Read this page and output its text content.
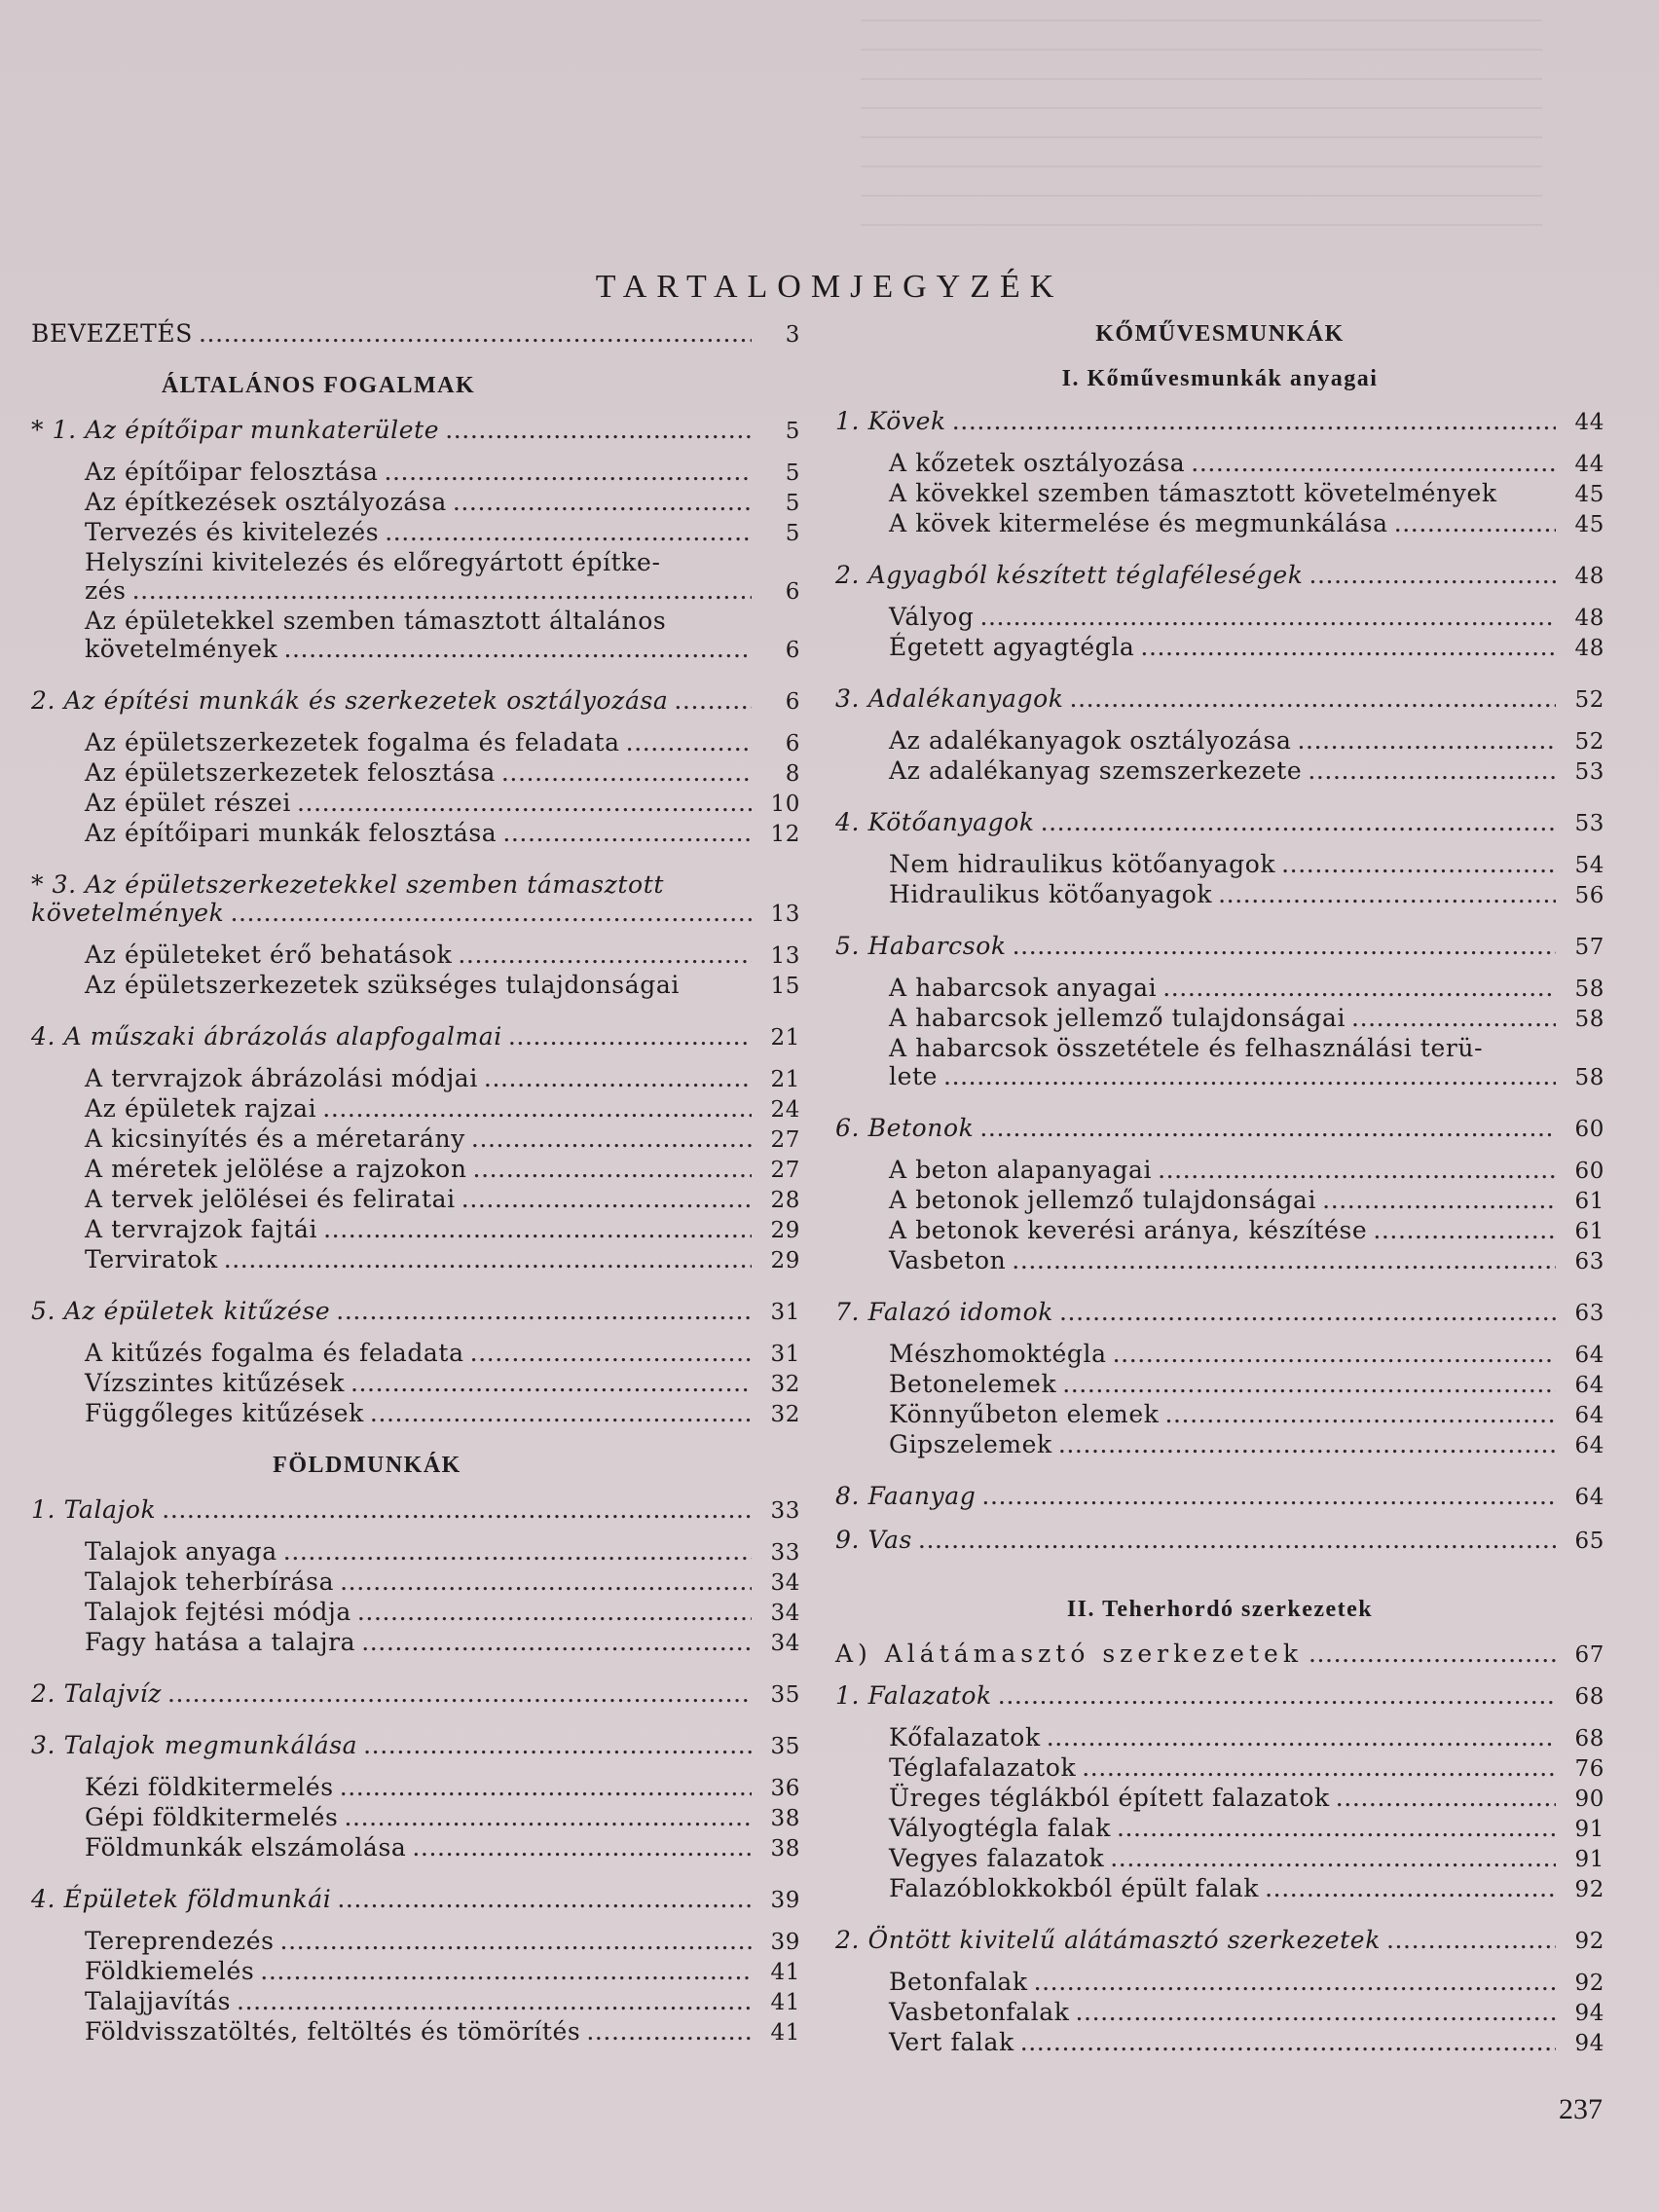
TARTALOMJEGYZÉK
BEVEZETÉS .....	3
ÁLTALÁNOS FOGALMAK
* 1. Az építőipar munkaterülete .....	5
Az építőipar felosztása .....	5
Az építkezések osztályozása .....	5
Tervezés és kivitelezés .....	5
Helyszíni kivitelezés és előregyártott építke-
zés .....	6
Az épületekkel szemben támasztott általános
követelmények .....	6
2. Az építési munkák és szerkezetek osztályozása .....	6
Az épületszerkezetek fogalma és feladata .....	6
Az épületszerkezetek felosztása .....	8
Az épület részei .....	10
Az építőipari munkák felosztása .....	12
* 3. Az épületszerkezetekkel szemben támasztott
követelmények .....	13
Az épületeket érő behatások .....	13
Az épületszerkezetek szükséges tulajdonságai	15
4. A műszaki ábrázolás alapfogalmai .....	21
A tervrajzok ábrázolási módjai .....	21
Az épületek rajzai .....	24
A kicsinyítés és a méretarány .....	27
A méretek jelölése a rajzokon .....	27
A tervek jelölései és feliratai .....	28
A tervrajzok fajtái .....	29
Terviratok .....	29
5. Az épületek kitűzése .....	31
A kitűzés fogalma és feladata .....	31
Vízszintes kitűzések .....	32
Függőleges kitűzések .....	32
FÖLDMUNKÁK
1. Talajok .....	33
Talajok anyaga .....	33
Talajok teherbírása .....	34
Talajok fejtési módja .....	34
Fagy hatása a talajra .....	34
2. Talajvíz .....	35
3. Talajok megmunkálása .....	35
Kézi földkitermelés .....	36
Gépi földkitermelés .....	38
Földmunkák elszámolása .....	38
4. Épületek földmunkái .....	39
Tereprendezés .....	39
Földkiemelés .....	41
Talajjavítás .....	41
Földvisszatöltés, feltöltés és tömörítés .....	41
KŐMŰVESMUNKÁK
I. Kőművesmunkák anyagai
1. Kövek .....	44
A kőzetek osztályozása .....	44
A kövekkel szemben támasztott követelmények	45
A kövek kitermelése és megmunkálása .....	45
2. Agyagból készített téglaféleségek .....	48
Vályog .....	48
Égetett agyagtégla .....	48
3. Adalékanyagok .....	52
Az adalékanyagok osztályozása .....	52
Az adalékanyag szemszerkezete .....	53
4. Kötőanyagok .....	53
Nem hidraulikus kötőanyagok .....	54
Hidraulikus kötőanyagok .....	56
5. Habarcsok .....	57
A habarcsok anyagai .....	58
A habarcsok jellemző tulajdonságai .....	58
A habarcsok összetétele és felhasználási terü-
lete .....	58
6. Betonok .....	60
A beton alapanyagai .....	60
A betonok jellemző tulajdonságai .....	61
A betonok keverési aránya, készítése .....	61
Vasbeton .....	63
7. Falazó idomok .....	63
Mészhomoktégla .....	64
Betonelemek .....	64
Könnyűbeton elemek .....	64
Gipszelemek .....	64
8. Faanyag .....	64
9. Vas .....	65
II. Teherhordó szerkezetek
A) Alátámasztó szerkezetek .....	67
1. Falazatok .....	68
Kőfalazatok .....	68
Téglafalazatok .....	76
Üreges téglákból épített falazatok .....	90
Vályogtégla falak .....	91
Vegyes falazatok .....	91
Falazóblokkokból épült falak .....	92
2. Öntött kivitelű alátámasztó szerkezetek .....	92
Betonfalak .....	92
Vasbetonfalak .....	94
Vert falak .....	94
237
